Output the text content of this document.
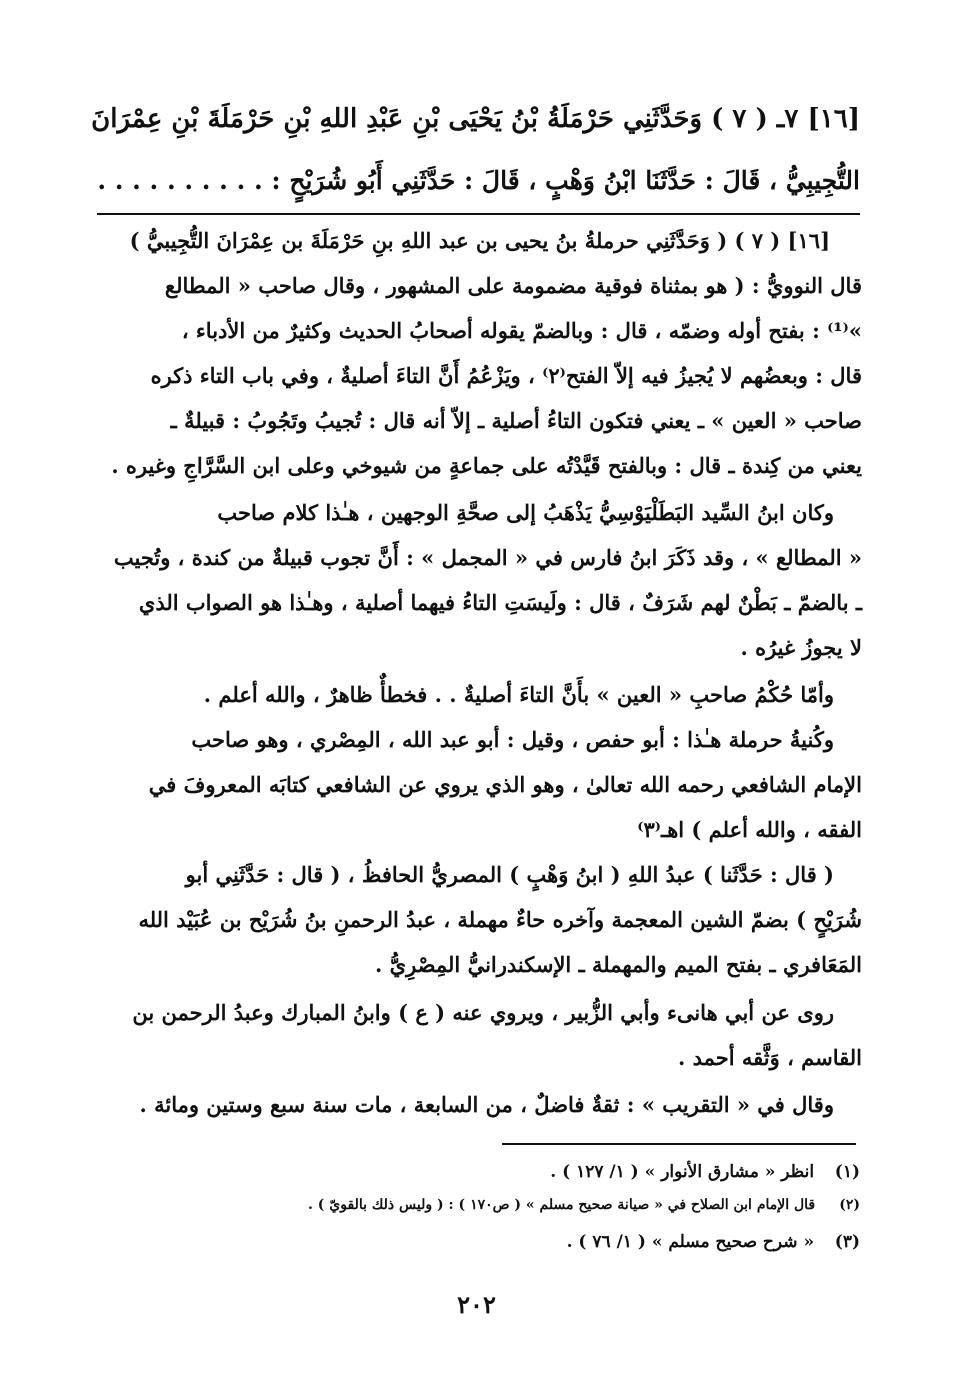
[١٦] ٧ـ ( ٧ ) وَحَدَّثَنِي حَرْمَلَةُ بْنُ يَحْيَى بْنِ عَبْدِ اللهِ بْنِ حَرْمَلَةَ بْنِ عِمْرَانَ
التُّجِيبِيُّ ، قَالَ : حَدَّثَنَا ابْنُ وَهْبٍ ، قَالَ : حَدَّثَنِي أَبُو شُرَيْحٍ : . . . . . . . . . .
[١٦] ( ٧ ) ( وَحَدَّثَنِي حرملةُ بنُ يحيى بن عبد اللهِ بنِ حَرْمَلَةَ بن عِمْرَانَ التُّجِيبيُّ )
قال النوويُّ : ( هو بمثناة فوقية مضمومة على المشهور ، وقال صاحب « المطالع
»⁽¹⁾ : بفتح أوله وضمّه ، قال : وبالضمّ يقوله أصحابُ الحديث وكثيرٌ من الأدباء ،
قال : وبعضُهم لا يُجيزُ فيه إلاّ الفتح⁽٢⁾ ، ويَزْعُمُ أَنَّ التاءَ أصليةٌ ، وفي باب التاء ذكره
صاحب « العين » ـ يعني فتكون التاءُ أصلية ـ إلاّ أنه قال : تُجيبُ وتَجُوبُ : قبيلةٌ ـ
يعني من كِندة ـ قال : وبالفتح قَيَّدْتُه على جماعةٍ من شيوخي وعلى ابن السَّرَّاجِ وغيره .
وكان ابنُ السِّيد البَطَلْيَوْسِيُّ يَذْهَبُ إلى صحَّةِ الوجهين ، هـٰذا كلام صاحب
« المطالع » ، وقد ذَكَرَ ابنُ فارس في « المجمل » : أَنَّ تجوب قبيلةٌ من كندة ، وتُجيب
ـ بالضمّ ـ بَطْنٌ لهم شَرَفٌ ، قال : ولَيسَتِ التاءُ فيهما أصلية ، وهـٰذا هو الصواب الذي
لا يجوزُ غيرُه .
وأمّا حُكْمُ صاحبِ « العين » بأَنَّ التاءَ أصليةٌ . . فخطأٌ ظاهرٌ ، والله أعلم .
وكُنيةُ حرملة هـٰذا : أبو حفص ، وقيل : أبو عبد الله ، المِصْري ، وهو صاحب
الإمام الشافعي رحمه الله تعالىٰ ، وهو الذي يروي عن الشافعي كتابَه المعروفَ في
الفقه ، والله أعلم ) اهـ⁽٣⁾
( قال : حَدَّثَنا ) عبدُ اللهِ ( ابنُ وَهْبٍ ) المصريُّ الحافظُ ، ( قال : حَدَّثَنِي أبو
شُرَيْحٍ ) بضمّ الشين المعجمة وآخره حاءٌ مهملة ، عبدُ الرحمنِ بنُ شُرَيْح بن عُبَيْد الله
المَعَافري ـ بفتح الميم والمهملة ـ الإسكندرانيُّ المِصْرِيُّ .
روى عن أبي هانىء وأبي الزُّبير ، ويروي عنه ( ع ) وابنُ المبارك وعبدُ الرحمن بن
القاسم ، وَثَّقه أحمد .
وقال في « التقريب » : ثقةٌ فاضلٌ ، من السابعة ، مات سنة سبع وستين ومائة .
(١) انظر « مشارق الأنوار » ( ١/ ١٢٧ ) .
(٢) قال الإمام ابن الصلاح في « صيانة صحيح مسلم » ( ص١٧٠ ) : ( وليس ذلك بالقويّ ) .
(٣) « شرح صحيح مسلم » ( ١/ ٧٦ ) .
٢٠٢
